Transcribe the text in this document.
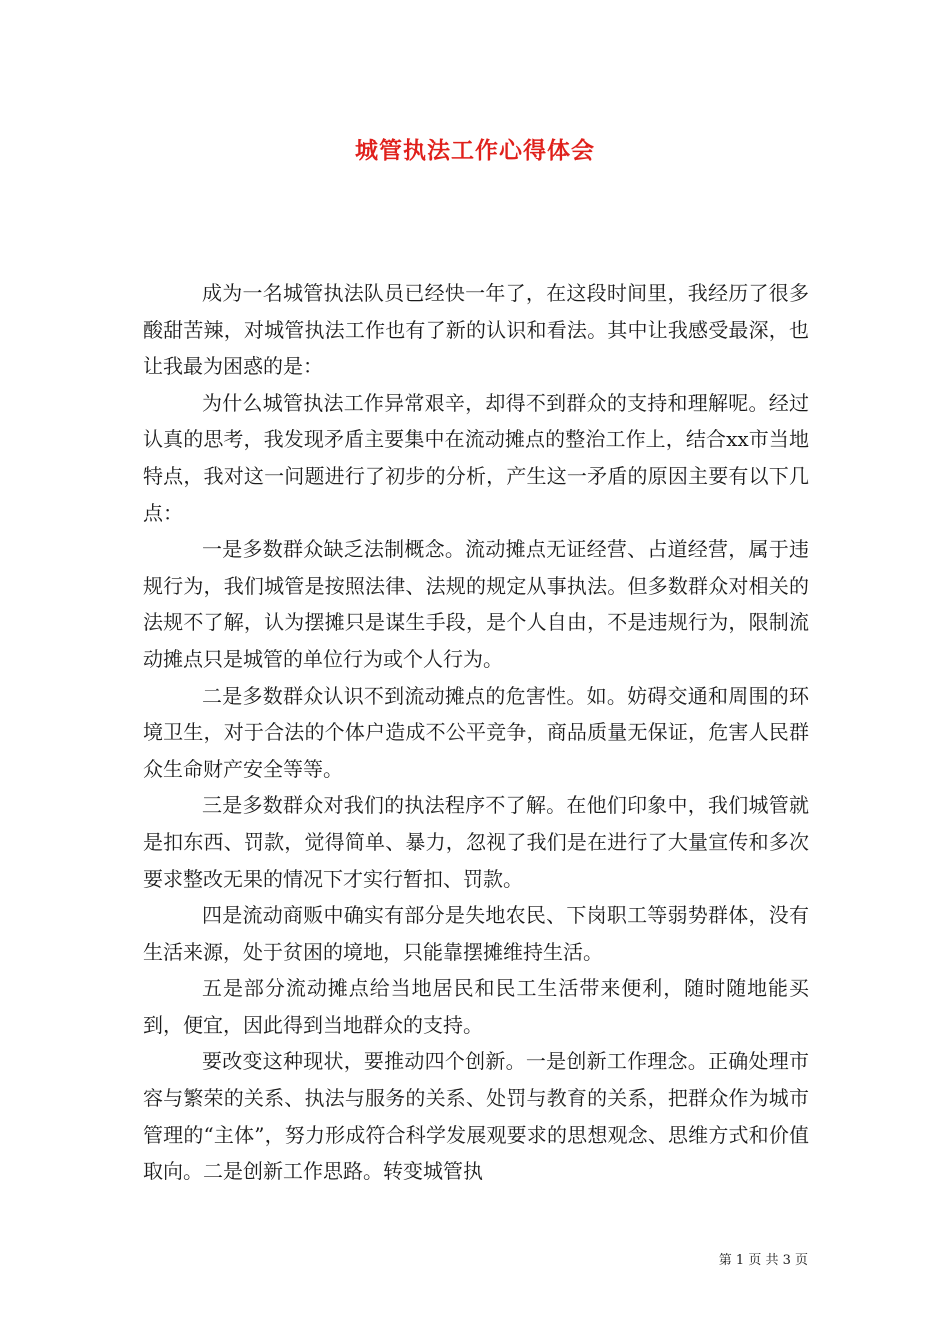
城管执法工作心得体会

成为一名城管执法队员已经快一年了，在这段时间里，我经历了很多酸甜苦辣，对城管执法工作也有了新的认识和看法。其中让我感受最深，也让我最为困惑的是：

为什么城管执法工作异常艰辛，却得不到群众的支持和理解呢。经过认真的思考，我发现矛盾主要集中在流动摊点的整治工作上，结合xx市当地特点，我对这一问题进行了初步的分析，产生这一矛盾的原因主要有以下几点：

一是多数群众缺乏法制概念。流动摊点无证经营、占道经营，属于违规行为，我们城管是按照法律、法规的规定从事执法。但多数群众对相关的法规不了解，认为摆摊只是谋生手段，是个人自由，不是违规行为，限制流动摊点只是城管的单位行为或个人行为。

二是多数群众认识不到流动摊点的危害性。如。妨碍交通和周围的环境卫生，对于合法的个体户造成不公平竞争，商品质量无保证，危害人民群众生命财产安全等等。

三是多数群众对我们的执法程序不了解。在他们印象中，我们城管就是扣东西、罚款，觉得简单、暴力，忽视了我们是在进行了大量宣传和多次要求整改无果的情况下才实行暂扣、罚款。

四是流动商贩中确实有部分是失地农民、下岗职工等弱势群体，没有生活来源，处于贫困的境地，只能靠摆摊维持生活。

五是部分流动摊点给当地居民和民工生活带来便利，随时随地能买到，便宜，因此得到当地群众的支持。

要改变这种现状，要推动四个创新。一是创新工作理念。正确处理市容与繁荣的关系、执法与服务的关系、处罚与教育的关系，把群众作为城市管理的“主体”，努力形成符合科学发展观要求的思想观念、思维方式和价值取向。二是创新工作思路。转变城管执

第 1 页 共 3 页
